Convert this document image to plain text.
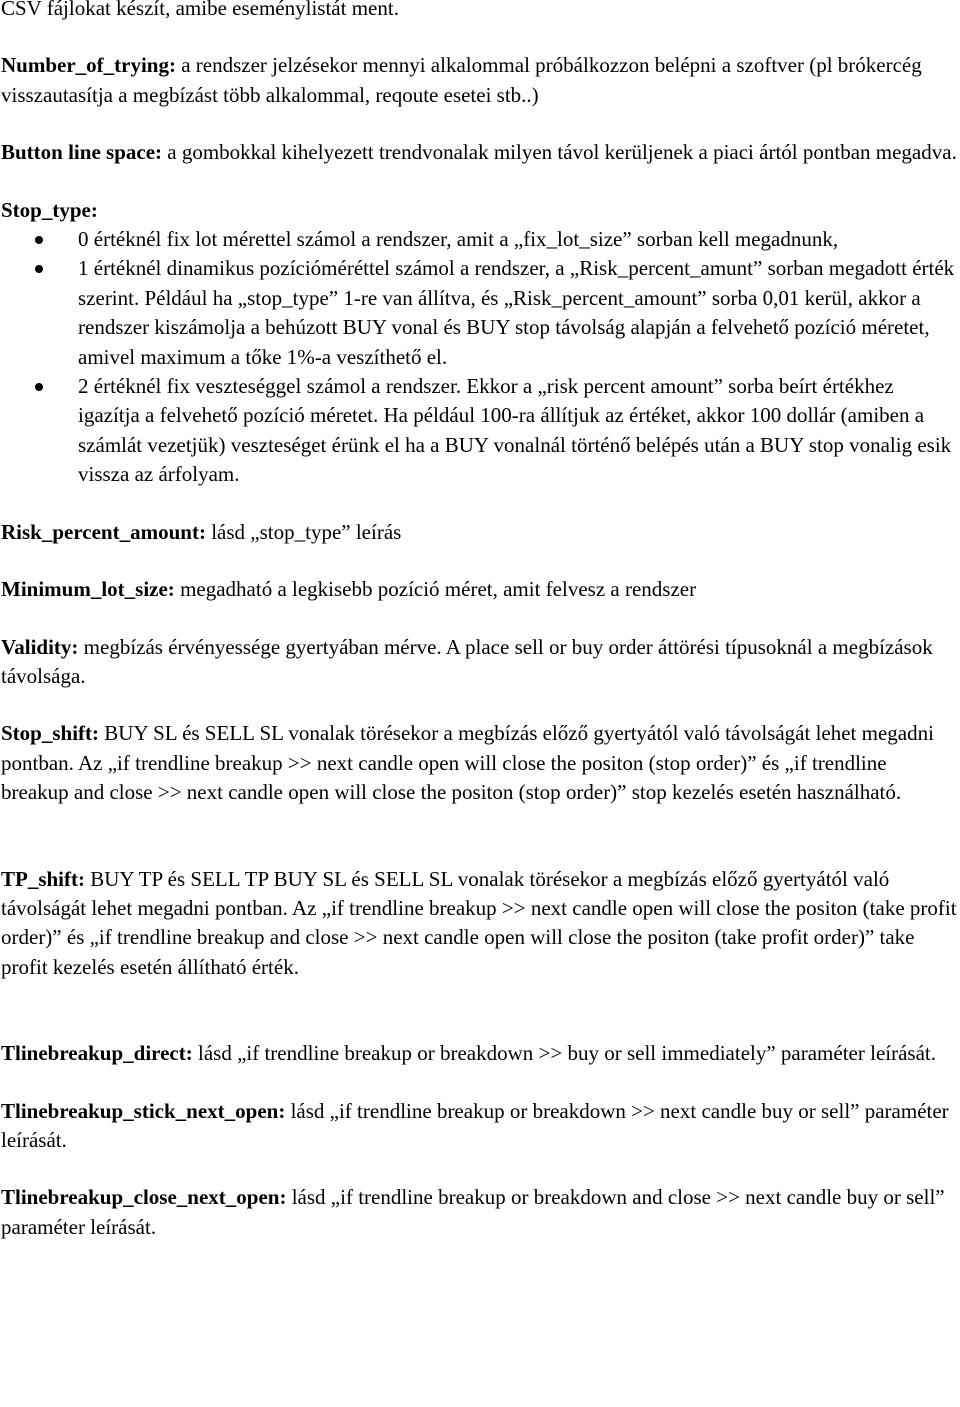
CSV fájlokat készít, amibe eseménylistát ment.

Number_of_trying: a rendszer jelzésekor mennyi alkalommal próbálkozzon belépni a szoftver (pl brókercég visszautasítja a megbízást több alkalommal, reqoute esetei stb..)

Button line space: a gombokkal kihelyezett trendvonalak milyen távol kerüljenek a piaci ártól pontban megadva.

Stop_type:

0 értéknél fix lot mérettel számol a rendszer, amit a „fix_lot_size” sorban kell megadnunk,
1 értéknél dinamikus pozícióméréttel számol a rendszer, a „Risk_percent_amunt” sorban megadott érték szerint. Például ha „stop_type” 1-re van állítva, és „Risk_percent_amount” sorba 0,01 kerül, akkor a rendszer kiszámolja a behúzott BUY vonal és BUY stop távolság alapján a felvehető pozíció méretet, amivel maximum a tőke 1%-a veszíthető el.
2 értéknél fix veszteséggel számol a rendszer. Ekkor a „risk percent amount” sorba beírt értékhez igazítja a felvehető pozíció méretet. Ha például 100-ra állítjuk az értéket, akkor 100 dollár (amiben a számlát vezetjük) veszteséget érünk el ha a BUY vonalnál történő belépés után a BUY stop vonalig esik vissza az árfolyam.

Risk_percent_amount: lásd „stop_type” leírás

Minimum_lot_size: megadható a legkisebb pozíció méret, amit felvesz a rendszer

Validity: megbízás érvényessége gyertyában mérve. A place sell or buy order áttörési típusoknál a megbízások távolsága.

Stop_shift: BUY SL és SELL SL vonalak törésekor a megbízás előző gyertyától való távolságát lehet megadni pontban. Az „if trendline breakup >> next candle open will close the positon (stop order)” és „if trendline breakup and close >> next candle open will close the positon (stop order)” stop kezelés esetén használható.

TP_shift: BUY TP és SELL TP BUY SL és SELL SL vonalak törésekor a megbízás előző gyertyától való távolságát lehet megadni pontban. Az „if trendline breakup >> next candle open will close the positon (take profit order)” és „if trendline breakup and close >> next candle open will close the positon (take profit order)” take profit kezelés esetén állítható érték.

Tlinebreakup_direct: lásd „if trendline breakup or breakdown >> buy or sell immediately” paraméter leírását.

Tlinebreakup_stick_next_open: lásd „if trendline breakup or breakdown >> next candle buy or sell” paraméter leírását.

Tlinebreakup_close_next_open: lásd „if trendline breakup or breakdown and close >> next candle buy or sell” paraméter leírását.
